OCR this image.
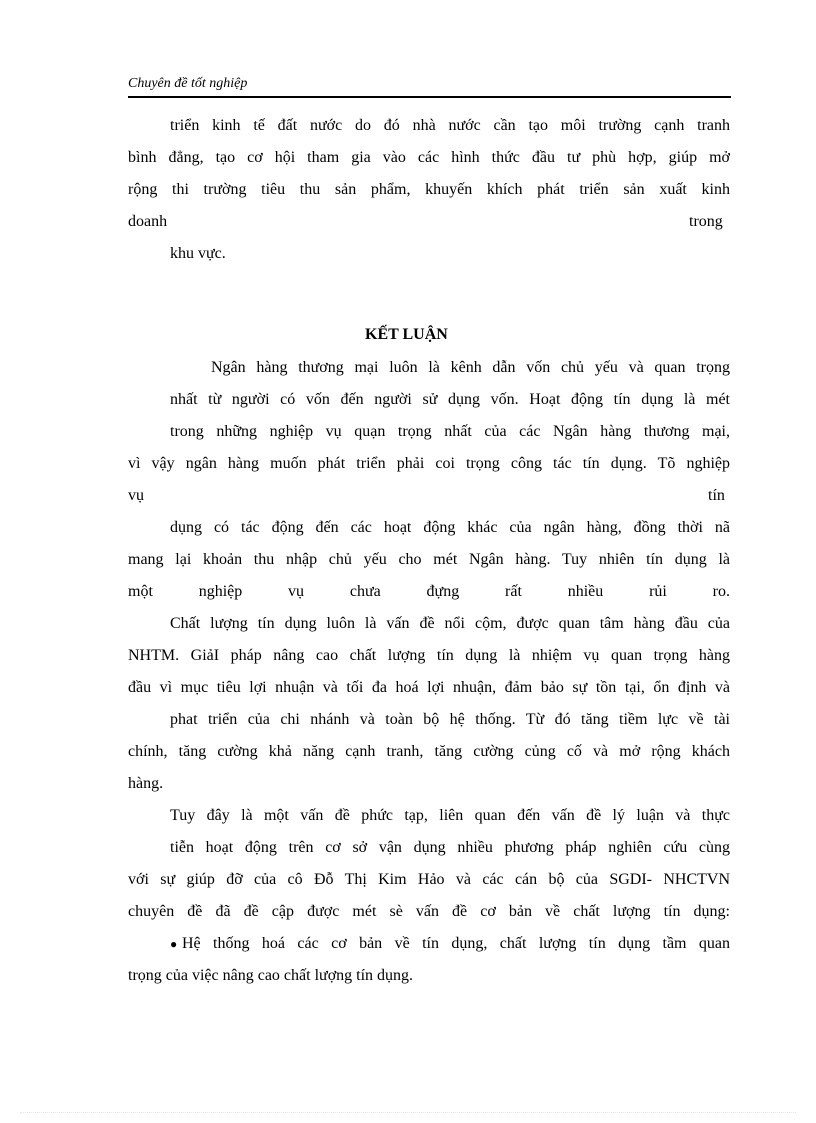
Chuyên đề tốt nghiệp
triển kinh tế đất nước do đó nhà nước cần tạo môi trường cạnh tranh
bình đẳng, tạo cơ hội tham gia vào các hình thức đầu tư phù hợp, giúp mở
rộng thi trường tiêu thu sản phẩm, khuyến khích phát triển sản xuất kinh
doanh	trong
khu vực.
KẾT LUẬN
Ngân hàng thương mại luôn là kênh dẫn vốn chủ yếu và quan trọng
nhất từ người có vốn đến người sử dụng vốn. Hoạt động tín dụng là mét
trong những nghiệp vụ quạn trọng nhất của các Ngân hàng thương mại,
vì vậy ngân hàng muốn phát triển phải coi trọng công tác tín dụng. Tõ nghiệp
vụ	tín
dụng có tác động đến các hoạt động khác của ngân hàng, đồng thời nã
mang lại khoản thu nhập chủ yếu cho mét Ngân hàng. Tuy nhiên tín dụng là
một nghiệp vụ chưa đựng rất nhiều rủi ro.
Chất lượng tín dụng luôn là vấn đề nổi cộm, được quan tâm hàng đầu của
NHTM. GiảI pháp nâng cao chất lượng tín dụng là nhiệm vụ quan trọng hàng
đầu vì mục tiêu lợi nhuận và tối đa hoá lợi nhuận, đảm bảo sự tồn tại, ổn định và
phat triển của chi nhánh và toàn bộ hệ thống. Từ đó tăng tiềm lực về tài
chính, tăng cường khả năng cạnh tranh, tăng cường củng cố và mở rộng khách
hàng.
Tuy đây là một vấn đề phức tạp, liên quan đến vấn đề lý luận và thực
tiễn hoạt động trên cơ sở vận dụng nhiều phương pháp nghiên cứu cùng
với sự giúp đỡ của cô Đỗ Thị Kim Hảo và các cán bộ của SGDI- NHCTVN
chuyên đề đã đề cập được mét sè vấn đề cơ bản về chất lượng tín dụng:
● Hệ thống hoá các cơ bản về tín dụng, chất lượng tín dụng tầm quan
trọng của việc nâng cao chất lượng tín dụng.
